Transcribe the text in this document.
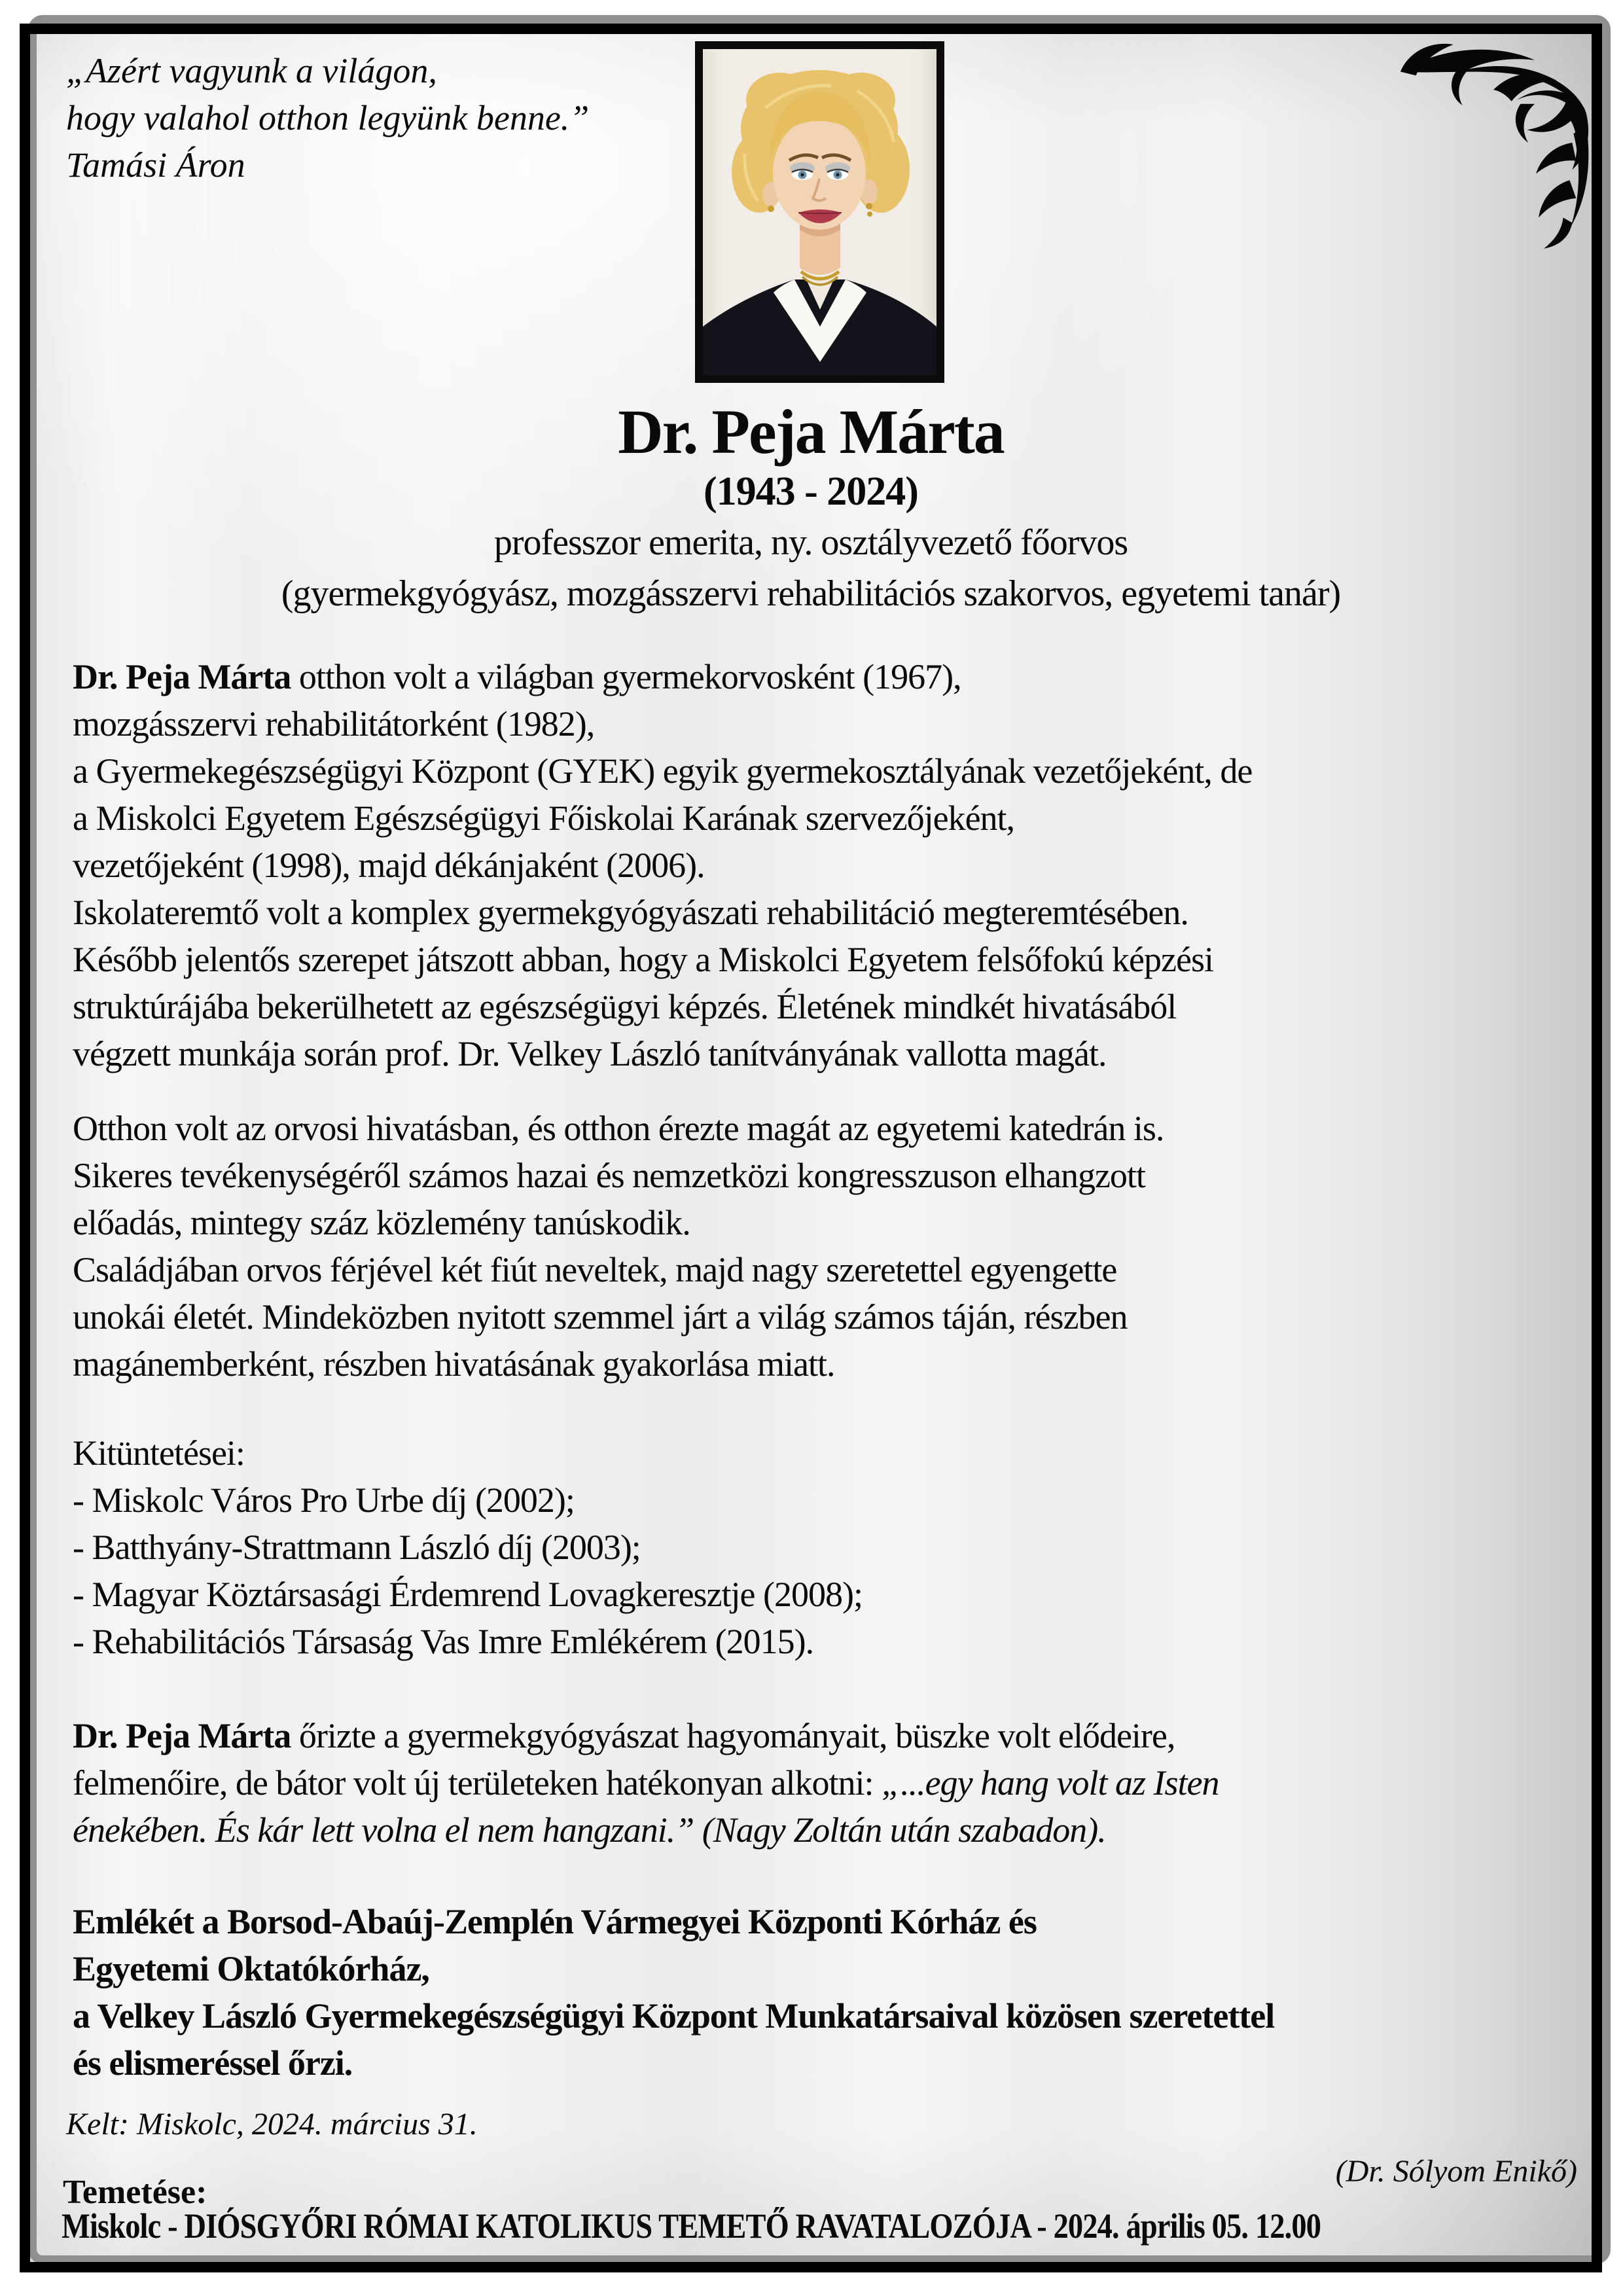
„Azért vagyunk a világon,
hogy valahol otthon legyünk benne.”
Tamási Áron
Dr. Peja Márta
(1943 - 2024)
professzor emerita, ny. osztályvezető főorvos
(gyermekgyógyász, mozgásszervi rehabilitációs szakorvos, egyetemi tanár)

Dr. Peja Márta otthon volt a világban gyermekorvosként (1967),
mozgásszervi rehabilitátorként (1982),
a Gyermekegészségügyi Központ (GYEK) egyik gyermekosztályának vezetőjeként, de
a Miskolci Egyetem Egészségügyi Főiskolai Karának szervezőjeként,
vezetőjeként (1998), majd dékánjaként (2006).
Iskolateremtő volt a komplex gyermekgyógyászati rehabilitáció megteremtésében.
Később jelentős szerepet játszott abban, hogy a Miskolci Egyetem felsőfokú képzési
struktúrájába bekerülhetett az egészségügyi képzés. Életének mindkét hivatásából
végzett munkája során prof. Dr. Velkey László tanítványának vallotta magát.

Otthon volt az orvosi hivatásban, és otthon érezte magát az egyetemi katedrán is.
Sikeres tevékenységéről számos hazai és nemzetközi kongresszuson elhangzott
előadás, mintegy száz közlemény tanúskodik.
Családjában orvos férjével két fiút neveltek, majd nagy szeretettel egyengette
unokái életét. Mindeközben nyitott szemmel járt a világ számos táján, részben
magánemberként, részben hivatásának gyakorlása miatt.

Kitüntetései:
- Miskolc Város Pro Urbe díj (2002);
- Batthyány-Strattmann László díj (2003);
- Magyar Köztársasági Érdemrend Lovagkeresztje (2008);
- Rehabilitációs Társaság Vas Imre Emlékérem (2015).

Dr. Peja Márta őrizte a gyermekgyógyászat hagyományait, büszke volt elődeire,
felmenőire, de bátor volt új területeken hatékonyan alkotni: „...egy hang volt az Isten
énekében. És kár lett volna el nem hangzani.” (Nagy Zoltán után szabadon).

Emlékét a Borsod-Abaúj-Zemplén Vármegyei Központi Kórház és
Egyetemi Oktatókórház,
a Velkey László Gyermekegészségügyi Központ Munkatársaival közösen szeretettel
és elismeréssel őrzi.

Kelt: Miskolc, 2024. március 31.
(Dr. Sólyom Enikő)
Temetése:
Miskolc - DIÓSGYŐRI RÓMAI KATOLIKUS TEMETŐ RAVATALOZÓJA - 2024. április 05. 12.00
